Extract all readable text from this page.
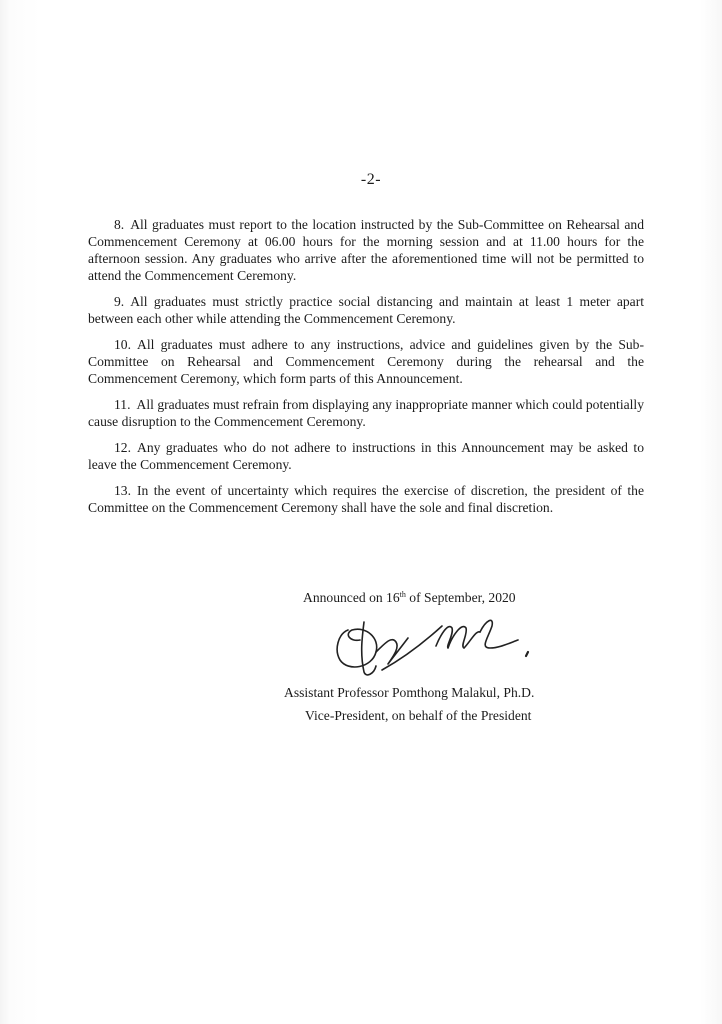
-2-

8. All graduates must report to the location instructed by the Sub-Committee on Rehearsal and Commencement Ceremony at 06.00 hours for the morning session and at 11.00 hours for the afternoon session. Any graduates who arrive after the aforementioned time will not be permitted to attend the Commencement Ceremony.

9. All graduates must strictly practice social distancing and maintain at least 1 meter apart between each other while attending the Commencement Ceremony.

10. All graduates must adhere to any instructions, advice and guidelines given by the Sub-Committee on Rehearsal and Commencement Ceremony during the rehearsal and the Commencement Ceremony, which form parts of this Announcement.

11. All graduates must refrain from displaying any inappropriate manner which could potentially cause disruption to the Commencement Ceremony.

12. Any graduates who do not adhere to instructions in this Announcement may be asked to leave the Commencement Ceremony.

13. In the event of uncertainty which requires the exercise of discretion, the president of the Committee on the Commencement Ceremony shall have the sole and final discretion.

Announced on 16th of September, 2020
Assistant Professor Pomthong Malakul, Ph.D.
Vice-President, on behalf of the President
